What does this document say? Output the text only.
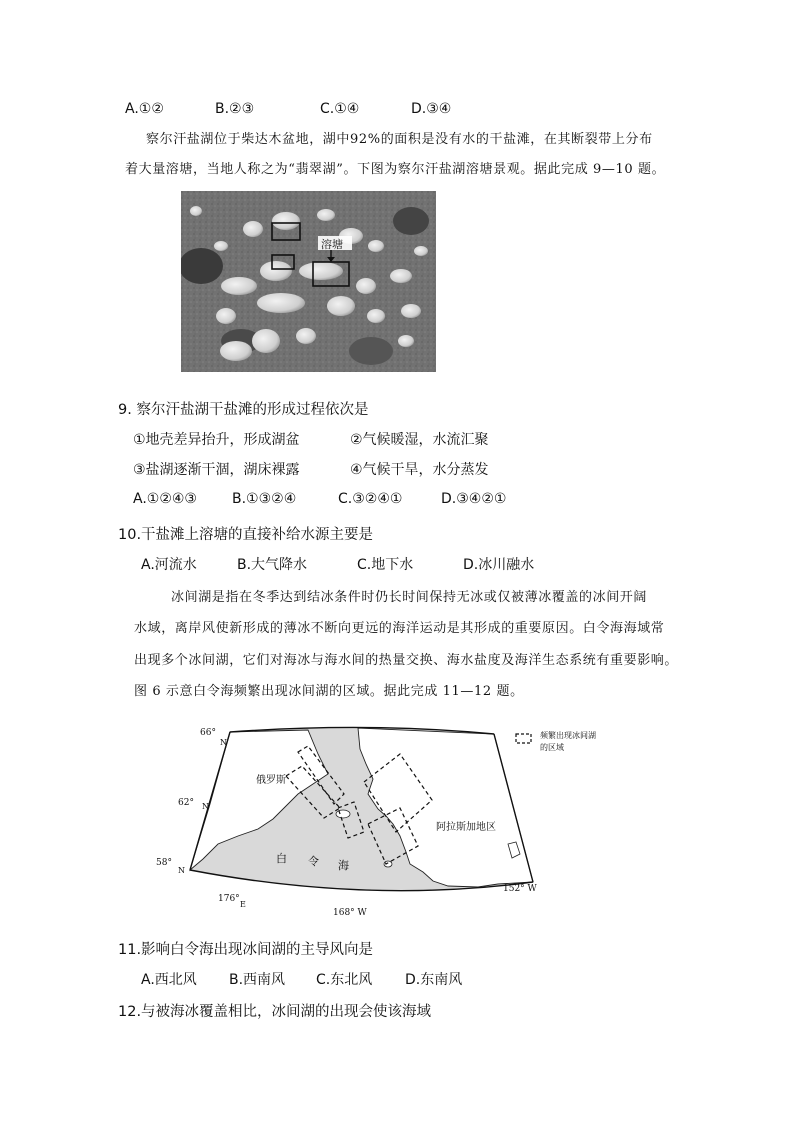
A.①②	B.②③	C.①④	D.③④
察尔汗盐湖位于柴达木盆地，湖中92%的面积是没有水的干盐滩，在其断裂带上分布
着大量溶塘，当地人称之为“翡翠湖”。下图为察尔汗盐湖溶塘景观。据此完成 9—10 题。
溶塘
9. 察尔汗盐湖干盐滩的形成过程依次是
①地壳差异抬升，形成湖盆	②气候暖湿，水流汇聚
③盐湖逐渐干涸，湖床裸露	④气候干旱，水分蒸发
A.①②④③	B.①③②④	C.③②④①	D.③④②①
10.干盐滩上溶塘的直接补给水源主要是
A.河流水	B.大气降水	C.地下水	D.冰川融水
冰间湖是指在冬季达到结冰条件时仍长时间保持无冰或仅被薄冰覆盖的冰间开阔
水域，离岸风使新形成的薄冰不断向更远的海洋运动是其形成的重要原因。白令海海域常
出现多个冰间湖，它们对海冰与海水间的热量交换、海水盐度及海洋生态系统有重要影响。
图 6 示意白令海频繁出现冰间湖的区域。据此完成 11—12 题。
频繁出现冰间湖
的区域
66°
N
62° N
58°
N
176°
E
168° W
152° W
俄罗斯
阿拉斯加地区
白 令 海
11.影响白令海出现冰间湖的主导风向是
A.西北风 B.西南风 C.东北风 D.东南风
12.与被海冰覆盖相比，冰间湖的出现会使该海域
